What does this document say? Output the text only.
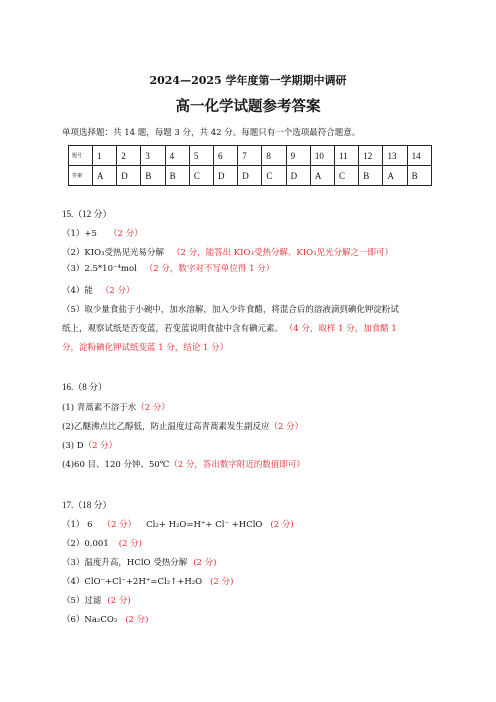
2024—2025 学年度第一学期期中调研
高一化学试题参考答案
单项选择题：共 14 题，每题 3 分，共 42 分。每题只有一个选项最符合题意。
题号	1	2	3	4	5	6	7	8	9	10	11	12	13	14
答案	A	D	B	B	C	D	D	C	D	A	C	B	A	B
15.（12 分）
（1）+5 （2 分）
（2）KIO₃受热见光易分解 （2 分，能答出 KIO₃受热分解、KIO₃见光分解之一即可）
（3）2.5*10⁻⁴mol （2 分，数字对不写单位得 1 分）
（4）能 （2 分）
（5）取少量食盐于小碗中，加水溶解，加入少许食醋，将混合后的溶液滴到碘化钾淀粉试
纸上，观察试纸是否变蓝，若变蓝说明食盐中含有碘元素。 （4 分，取样 1 分，加食醋 1
分，淀粉碘化钾试纸变蓝 1 分，结论 1 分）
16.（8 分）
(1) 青蒿素不溶于水（2 分）
(2)乙醚沸点比乙醇低，防止温度过高青蒿素发生副反应（2 分）
(3) D（2 分）
(4)60 目、120 分钟、50℃（2 分，答出数字附近的数值即可）
17.（18 分）
（1） 6 （2 分） Cl₂+ H₂O=H⁺+ Cl⁻ +HClO (2 分)
（2）0.001 (2 分)
（3）温度升高，HClO 受热分解 (2 分)
（4）ClO⁻+Cl⁻+2H⁺=Cl₂↑+H₂O (2 分)
（5）过滤 (2 分)
（6）Na₂CO₃ (2 分)
